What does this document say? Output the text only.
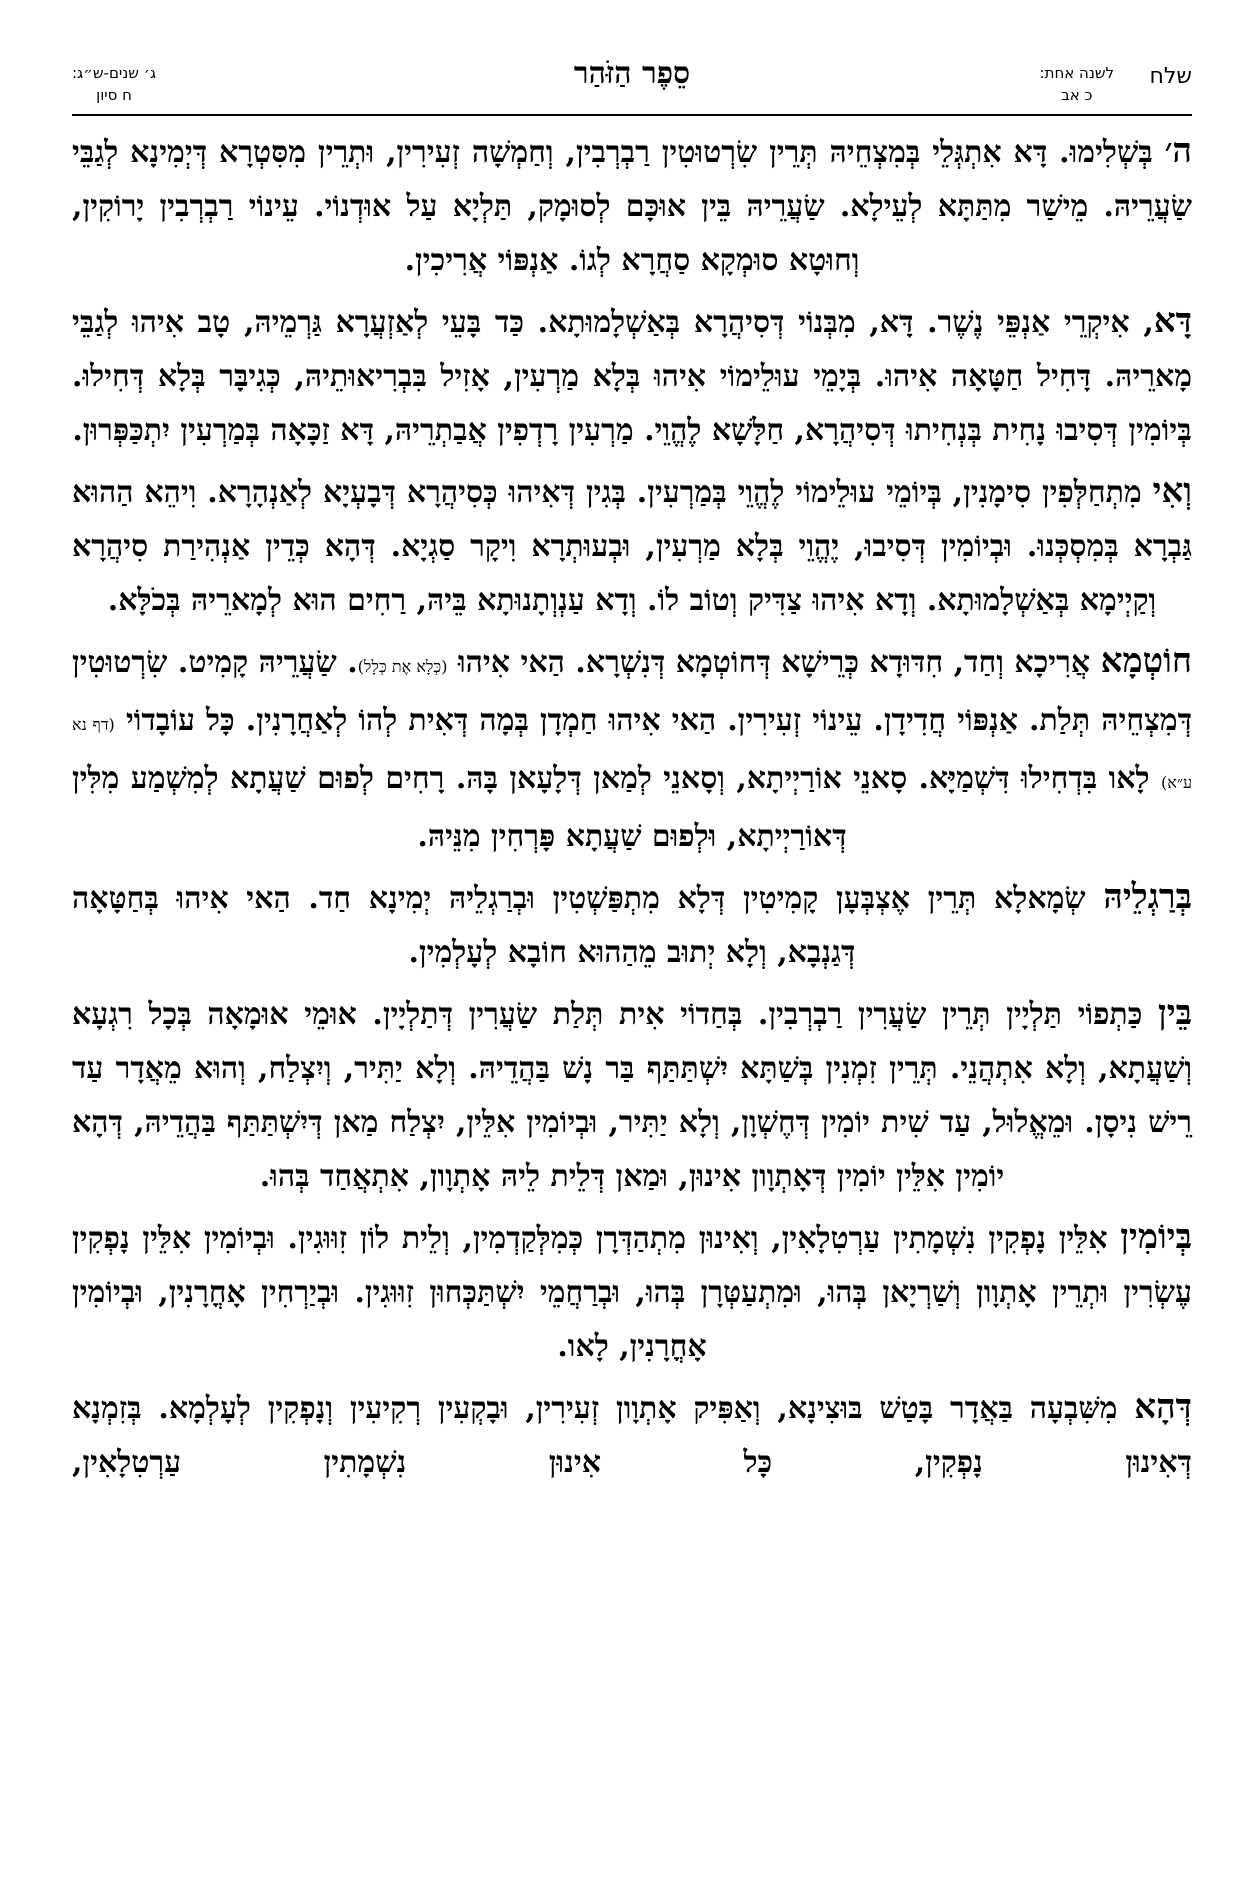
שלח
לשנה אחת:
כ אב
סֵפֶר הַזֹּהַר
ג׳ שנים-ש״ג:
ח סיון

ה׳ בְּשְׁלִימוּ. דָּא אִתְגְּלֵי בְּמִצְחֵיהּ תְּרֵין שִׂרְטוּטִין רַבְרְבִין, וְחַמְשָׁה זְעִירִין, וּתְרֵין מִסִּטְרָא דְּיְמִינָא לְגַבֵּי שַׂעֲרֵיהּ. מֵישַׁר מִתַּתָּא לְעֵילָא. שַׂעֲרֵיהּ בֵּין אוּכָּם לְסוּמָק, תַּלְיָא עַל אוּדְנוֹי. עֵינוֹי רַבְרְבִין יָרוֹקִין, וְחוּטָא סוּמְקָא סַחֲרָא לְגוֹ. אַנְפּוֹי אֲרִיכִין.

דָּא, אִיקְרֵי אַנְפֵּי נֶשֶׁר. דָּא, מִבְּנוֹי דְּסִיהֲרָא בְּאַשְׁלָמוּתָא. כַּד בָּעֵי לְאַזְעֲרָא גַּרְמֵיהּ, טָב אִיהוּ לְגַבֵּי מָארֵיהּ. דָּחִיל חַטָּאָה אִיהוּ. בְּיָמֵי עוּלֵימוֹי אִיהוּ בְּלָא מַרְעִין, אָזִיל בִּבְרִיאוּתֵיהּ, כְּגִיבָּר בְּלָא דְּחִילוּ. בְּיוֹמִין דְּסִיבוּ נָחִית בְּנְחִיתוּ דְּסִיהֲרָא, חַלָּשָׁא לֶהֱוֵי. מַרְעִין רָדְפִין אֲבַתְרֵיהּ, דָּא זַכָּאָה בְּמַרְעִין יִתְכַּפְּרוּן.

וְאִי מִתְחַלְּפִין סִימָנִין, בְּיוֹמֵי עוּלֵימוֹי לֶהֱוֵי בְּמַרְעִין. בְּגִין דְּאִיהוּ כְּסִיהֲרָא דְּבָעְיָא לְאַנְהָרָא. וִיהֵא הַהוּא גַּבְרָא בְּמִסְכְּנוּ. וּבְיוֹמִין דְּסִיבוּ, יֶהֱוֵי בְּלָא מַרְעִין, וּבְעוּתְרָא וִיקָר סַגְיָא. דְּהָא כְּדֵין אַנְהִירַת סִיהֲרָא וְקַיְימָא בְּאַשְׁלָמוּתָא. וְדָא אִיהוּ צַדִּיק וְטוֹב לוֹ. וְדָא עַנְוְתָנוּתָא בֵּיהּ, רַחִים הוּא לְמָארֵיהּ בְּכֹלָּא.

חוֹטְמָא אֲרִיכָא וְחַד, חִדּוּדָא כְּרֵישָׁא דְּחוֹטְמָא דְּנִשְׁרָא. הַאי אִיהוּ (כְּלָא אֶת כְּלָל). שַׂעֲרֵיהּ קָמִיט. שִׂרְטוּטִין דְּמִצְחֵיהּ תְּלַת. אַנְפּוֹי חֲדִידָן. עֵינוֹי זְעִירִין. הַאי אִיהוּ חַמְדָן בְּמָה דְּאִית לְהוֹ לְאַחֲרָנִין. כָּל עוֹבָדוֹי (דף נא ע״א) לָאו בִּדְחִילוּ דִּשְׁמַיָּא. סָאנֵי אוֹרַיְיתָא, וְסָאנֵי לְמַאן דְּלָעָאן בָּהּ. רָחִים לְפוּם שַׁעֲתָא לְמִשְׁמַע מִלִּין דְּאוֹרַיְיתָא, וּלְפוּם שַׁעֲתָא פָּרְחִין מִנֵּיהּ.

בְּרַגְלֵיהּ שְׂמָאלָא תְּרֵין אֶצְבְּעָן קָמִיטִין דְּלָא מִתְפַּשְׁטִין וּבְרַגְלֵיהּ יְמִינָא חַד. הַאי אִיהוּ בְּחַטָּאָה דְּגַנְבָא, וְלָא יְתוּב מֵהַהוּא חוֹבָא לְעָלְמִין.

בֵּין כַּתְפוֹי תַּלְיָין תְּרֵין שַׂעֲרִין רַבְרְבִין. בְּחַדוֹי אִית תְּלַת שַׂעֲרִין דְּתַלְיָין. אוּמֵי אוּמָאָה בְּכָל רִגְעָא וְשַׁעֲתָא, וְלָא אִתְהֲנֵי. תְּרֵין זִמְנִין בְּשַׁתָּא יִשְׁתַּתַּף בַּר נָשׁ בַּהֲדֵיהּ. וְלָא יַתִּיר, וְיִצְלַח, וְהוּא מֵאֲדָר עַד רֵישׁ נִיסָן. וּמֵאֱלוּל, עַד שִׁית יוֹמִין דְּחֶשְׁוָן, וְלָא יַתִּיר, וּבְיוֹמִין אִלֵּין, יִצְלַח מַאן דְּיִשְׁתַּתַּף בַּהֲדֵיהּ, דְּהָא יוֹמִין אִלֵּין יוֹמִין דְּאָתְוָון אִינוּן, וּמַאן דְּלֵית לֵיהּ אָתְוָון, אִתְאֲחַד בְּהוּ.

בְּיוֹמִין אִלֵּין נָפְקִין נִשְׁמָתִין עַרְטִלָאִין, וְאִינוּן מִתְהַדְּרָן כְּמִלְּקַדְמִין, וְלֵית לוֹן זִוּוּגִין. וּבְיוֹמִין אִלֵּין נָפְקִין עֶשְׂרִין וּתְרֵין אָתְוָון וְשַׁרְיָאן בְּהוּ, וּמִתְעַטְּרָן בְּהוּ, וּבְרַחֲמֵי יִשְׁתַּכְּחוּן זִוּוּגִין. וּבְיַרְחִין אָחֳרָנִין, וּבְיוֹמִין אָחֳרָנִין, לָאו.

דְּהָא מִשִּׁבְעָה בַּאֲדָר בָּטַשׁ בּוּצִינָא, וְאַפִּיק אָתְוָון זְעִירִין, וּבָקְעִין רְקִיעִין וְנָפְקִין לְעָלְמָא. בְּזִמְנָא דְּאִינוּן נָפְקִין, כָּל אִינוּן נִשְׁמָתִין עַרְטִלָאִין,
